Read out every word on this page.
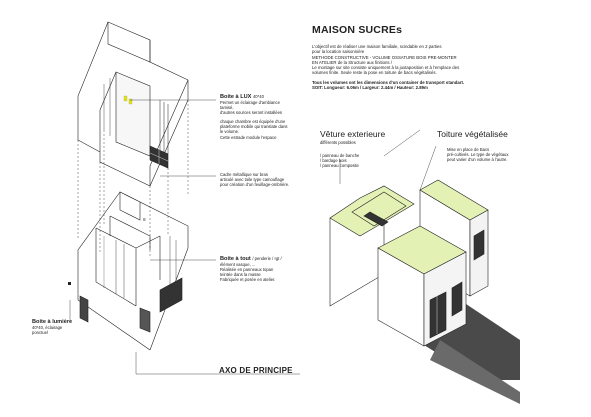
MAISON SUCREs

L'objectif est de réaliser une maison familiale, scindable en 2 parties

pour la location saisonnière

METHODE CONSTRUCTIVE - VOLUME OSSATURE BOIS PRE-MONTER

EN ATELIER de la Structure aux finitions /

Le montage sur site consiste uniquement à la juxtaposition et à l'emplace des

volumes finite. Seule reste la pose en toiture de bacs végétalisés.

Tous les volumes ont les dimensions d'un container de transport standart.

SOIT: Longueur: 6.06m / Largeur: 2.44m / Hauteur: 2.89m

Boite à LUX 40*40

Permet un éclairage d'ambiance

tamisé,

d'autres sources seront installées

chaque chambre est équipée d'une

plateforme mobile qui translate dans

le volume.

Cette estrade module l'espace

Cadre métallique sur bras

articulé avec toile type camouflage

pour création d'un feuillage-ombrière.

Boite à tout / penderie / rgt /

élément vasque, ...

Réalisée en panneaux topan

teintée dans la masse

Fabriquée et posée en atelier.

Boite à lumière

40*40, éclairage

ponctuel

Vêture exterieure

différents possibles

/ panneau de banche

/ bardage bois

/ panneau composite

Toiture végétalisée

Mise en place de Bacs

pré-cultivés. Le type de végétaux

peut varier d'un volume à l'autre.

AXO DE PRINCIPE
